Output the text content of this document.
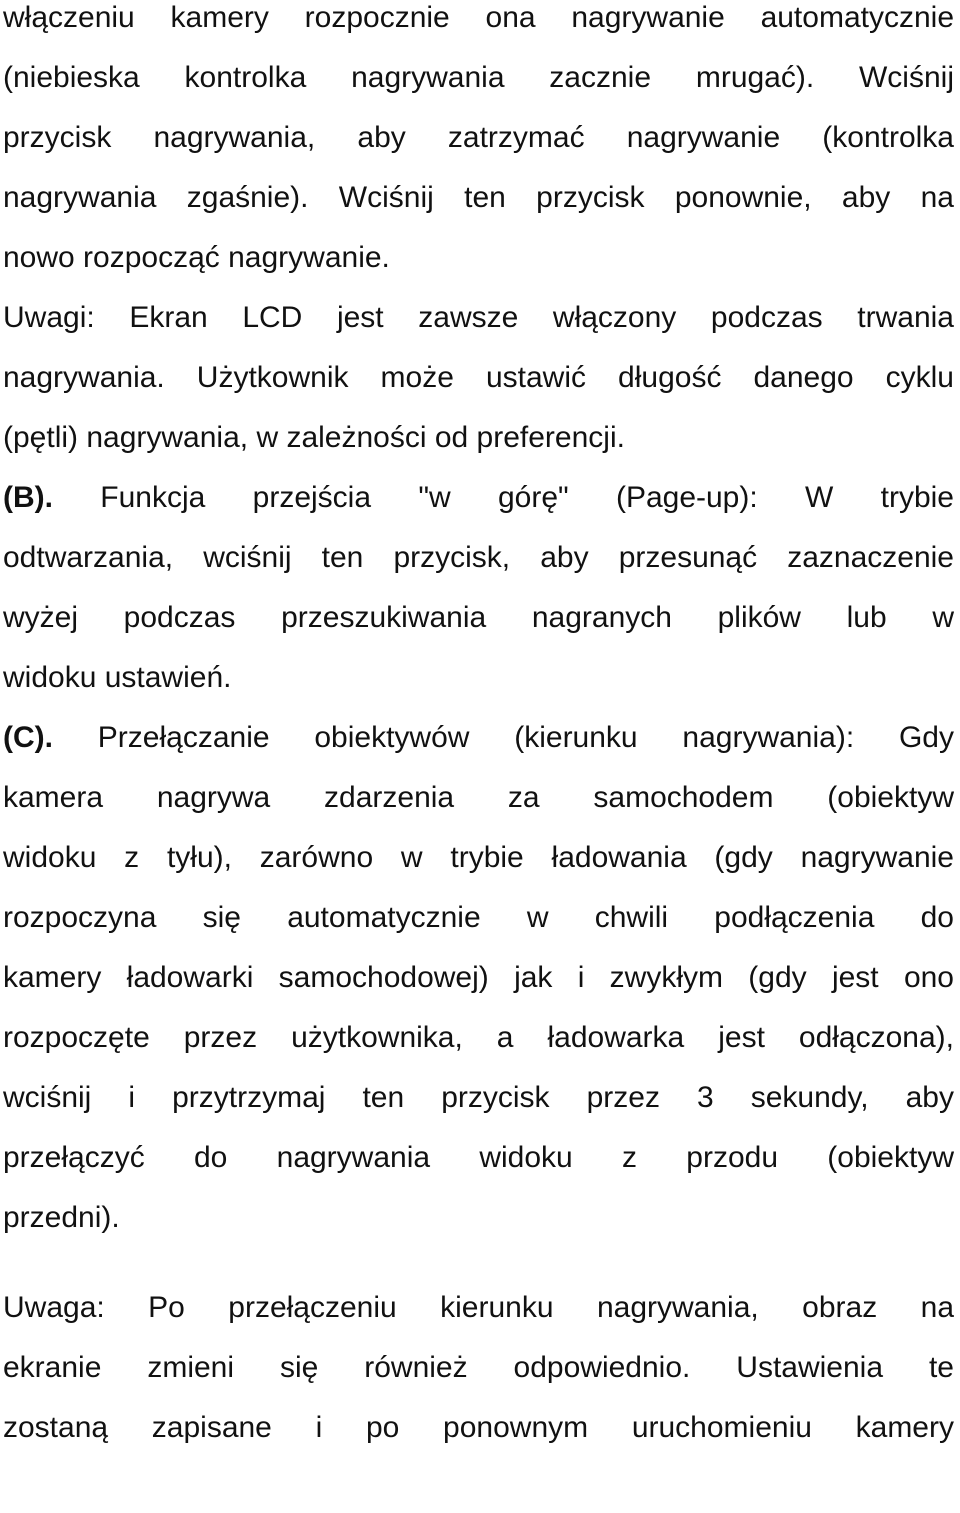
włączeniu kamery rozpocznie ona nagrywanie automatycznie
(niebieska kontrolka nagrywania zacznie mrugać). Wciśnij
przycisk nagrywania, aby zatrzymać nagrywanie (kontrolka
nagrywania zgaśnie). Wciśnij ten przycisk ponownie, aby na
nowo rozpocząć nagrywanie.
Uwagi: Ekran LCD jest zawsze włączony podczas trwania
nagrywania. Użytkownik może ustawić długość danego cyklu
(pętli) nagrywania, w zależności od preferencji.
(B). Funkcja przejścia "w górę" (Page-up): W trybie
odtwarzania, wciśnij ten przycisk, aby przesunąć zaznaczenie
wyżej podczas przeszukiwania nagranych plików lub w
widoku ustawień.
(C). Przełączanie obiektywów (kierunku nagrywania): Gdy
kamera nagrywa zdarzenia za samochodem (obiektyw
widoku z tyłu), zarówno w trybie ładowania (gdy nagrywanie
rozpoczyna się automatycznie w chwili podłączenia do
kamery ładowarki samochodowej) jak i zwykłym (gdy jest ono
rozpoczęte przez użytkownika, a ładowarka jest odłączona),
wciśnij i przytrzymaj ten przycisk przez 3 sekundy, aby
przełączyć do nagrywania widoku z przodu (obiektyw
przedni).
Uwaga: Po przełączeniu kierunku nagrywania, obraz na
ekranie zmieni się również odpowiednio. Ustawienia te
zostaną zapisane i po ponownym uruchomieniu kamery
